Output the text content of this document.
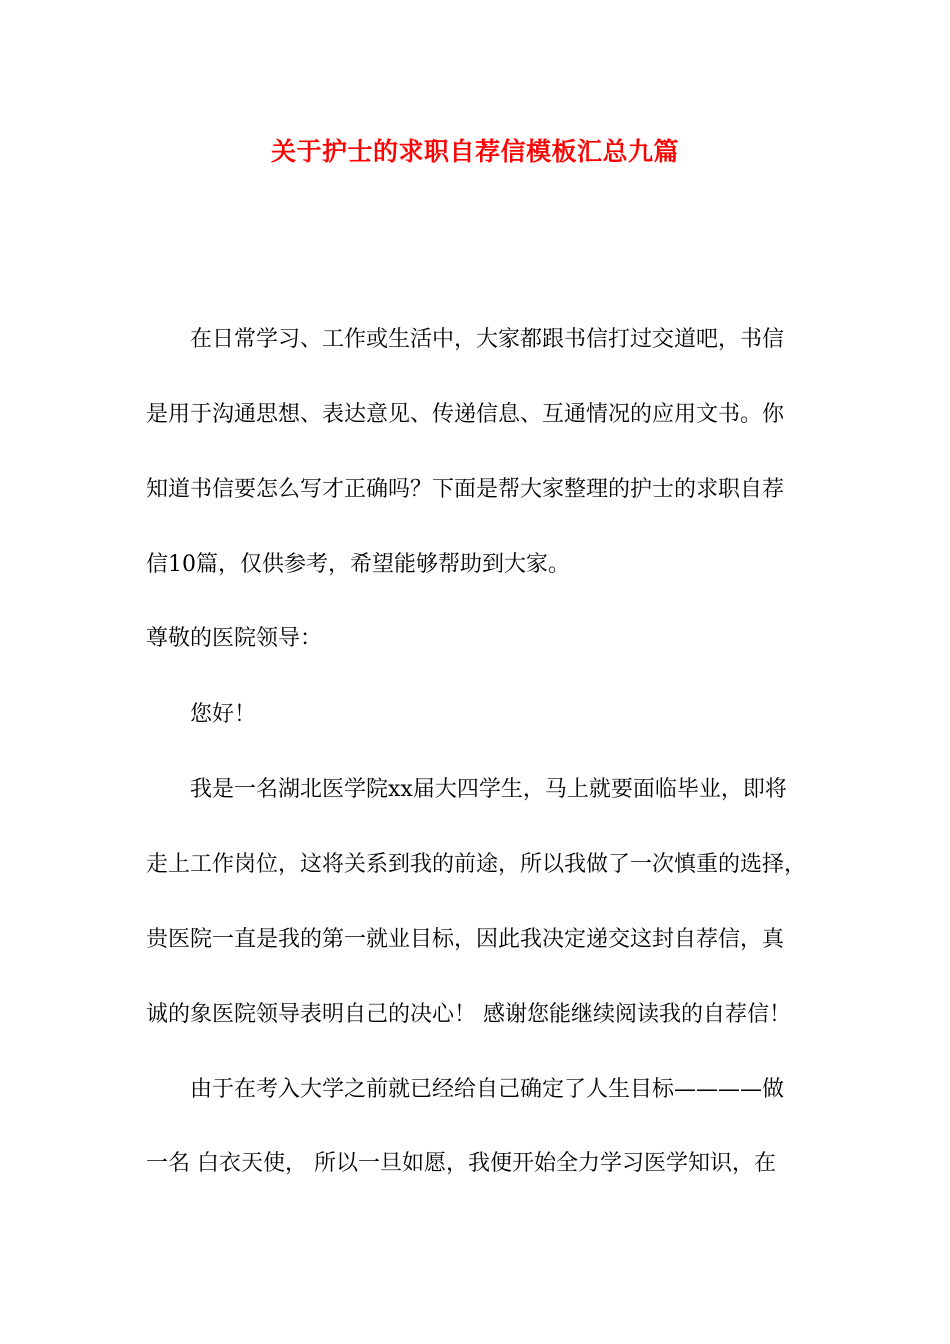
关于护士的求职自荐信模板汇总九篇
在日常学习、工作或生活中，大家都跟书信打过交道吧，书信
是用于沟通思想、表达意见、传递信息、互通情况的应用文书。你
知道书信要怎么写才正确吗？下面是帮大家整理的护士的求职自荐
信10篇，仅供参考，希望能够帮助到大家。
尊敬的医院领导：
您好！
我是一名湖北医学院xx届大四学生，马上就要面临毕业，即将
走上工作岗位，这将关系到我的前途，所以我做了一次慎重的选择，
贵医院一直是我的第一就业目标，因此我决定递交这封自荐信，真
诚的象医院领导表明自己的决心！ 感谢您能继续阅读我的自荐信！
由于在考入大学之前就已经给自己确定了人生目标————做
一名 白衣天使， 所以一旦如愿，我便开始全力学习医学知识，在
